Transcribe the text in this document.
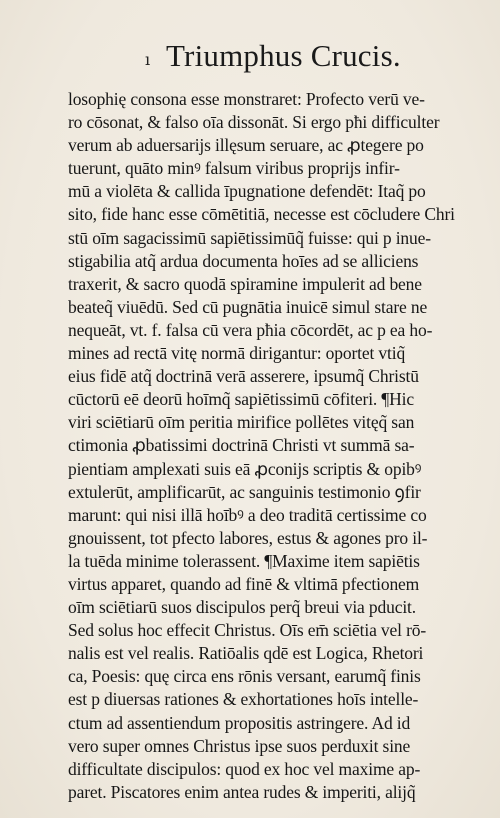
ı Triumphus Crucis.
losophię consona esse monstraret: Profecto verū ve-
ro cōsonat, & falso oīa dissonāt. Si ergo pħi difficulter
verum ab aduersarijs illęsum seruare, ac ꝓtegere po
tuerunt, quāto minꝰ falsum viribus proprijs infir-
mū a violēta & callida īpugnatione defendēt: Itaq̃ po
sito, fide hanc esse cōmētitiā, necesse est cōcludere Chri
stū oīm sagacissimū sapiētissimūq̃ fuisse: qui p inue-
stigabilia atq̃ ardua documenta hoīes ad se alliciens
traxerit, & sacro quodā spiramine impulerit ad bene
beateq̃ viuēdū. Sed cū pugnātia inuicē simul stare ne
nequeāt, vt. f. falsa cū vera pħia cōcordēt, ac p ea ho-
mines ad rectā vitę normā dirigantur: oportet vtiq̃
eius fidē atq̃ doctrinā verā asserere, ipsumq̃ Christū
cūctorū eē deorū hoīmq̃ sapiētissimū cōfiteri. ¶Hic
viri sciētiarū oīm peritia mirifice pollētes vitęq̃ san
ctimonia ꝓbatissimi doctrinā Christi vt summā sa-
pientiam amplexati suis eā ꝓconijs scriptis & opibꝰ
extulerūt, amplificarūt, ac sanguinis testimonio ꝯfir
marunt: qui nisi illā hoībꝰ a deo traditā certissime co
gnouissent, tot pfecto labores, estus & agones pro il-
la tuēda minime tolerassent. ¶Maxime item sapiētis
virtus apparet, quando ad finē & vltimā pfectionem
oīm sciētiarū suos discipulos perq̃ breui via pducit.
Sed solus hoc effecit Christus. Oīs em̄ sciētia vel rō-
nalis est vel realis. Ratiōalis qdē est Logica, Rhetori
ca, Poesis: quę circa ens rōnis versant, earumq̃ finis
est p diuersas rationes & exhortationes hoīs intelle-
ctum ad assentiendum propositis astringere. Ad id
vero super omnes Christus ipse suos perduxit sine
difficultate discipulos: quod ex hoc vel maxime ap-
paret. Piscatores enim antea rudes & imperiti, alijq̃
